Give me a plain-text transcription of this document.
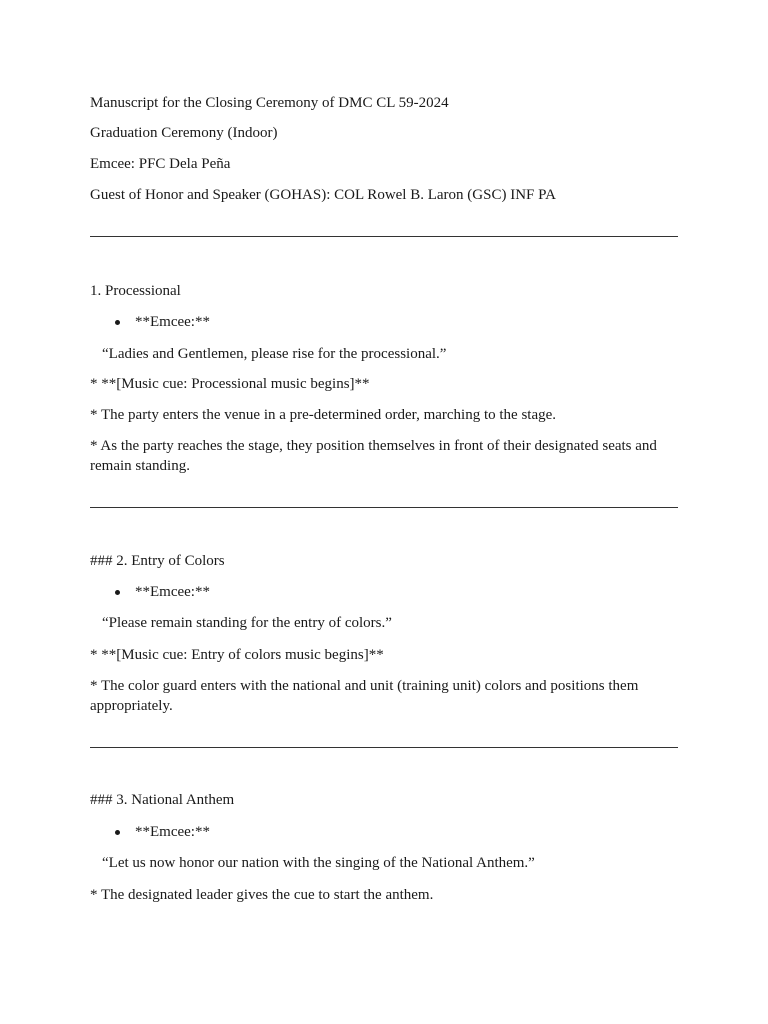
Manuscript for the Closing Ceremony of DMC CL 59-2024
Graduation Ceremony (Indoor)
Emcee: PFC Dela Peña
Guest of Honor and Speaker (GOHAS): COL Rowel B. Laron (GSC) INF PA
1. Processional
**Emcee:**
“Ladies and Gentlemen, please rise for the processional.”
* **[Music cue: Processional music begins]**
* The party enters the venue in a pre-determined order, marching to the stage.
* As the party reaches the stage, they position themselves in front of their designated seats and remain standing.
### 2. Entry of Colors
**Emcee:**
“Please remain standing for the entry of colors.”
* **[Music cue: Entry of colors music begins]**
* The color guard enters with the national and unit (training unit) colors and positions them appropriately.
### 3. National Anthem
**Emcee:**
“Let us now honor our nation with the singing of the National Anthem.”
* The designated leader gives the cue to start the anthem.
